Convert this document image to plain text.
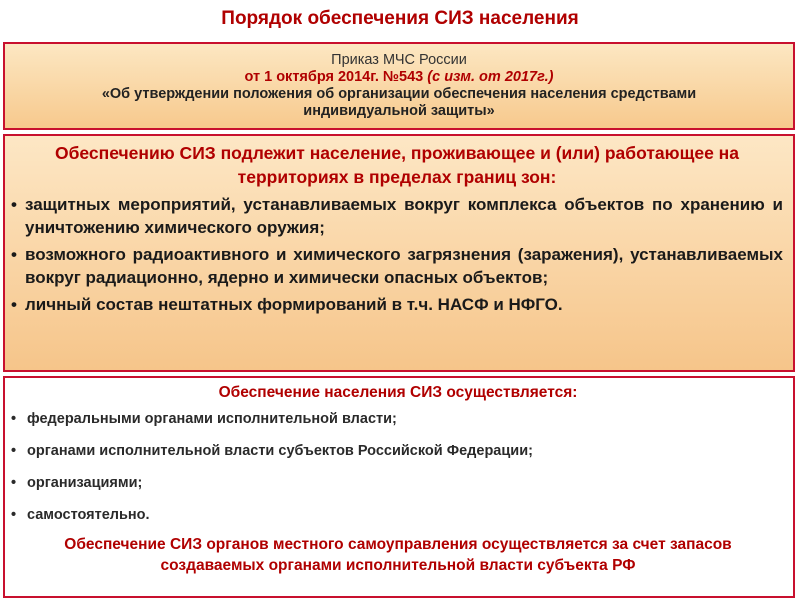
Порядок обеспечения СИЗ населения
Приказ МЧС России
от 1 октября 2014г. №543 (с изм. от 2017г.)
«Об утверждении положения об организации обеспечения населения средствами
индивидуальной защиты»
Обеспечению СИЗ подлежит население, проживающее и (или) работающее на территориях в пределах границ зон:
• защитных мероприятий, устанавливаемых вокруг комплекса объектов по хранению и уничтожению химического оружия;
• возможного радиоактивного и химического загрязнения (заражения), устанавливаемых вокруг радиационно, ядерно и химически опасных объектов;
• личный состав нештатных формирований в т.ч. НАСФ и НФГО.
Обеспечение населения СИЗ осуществляется:
• федеральными органами исполнительной власти;
• органами исполнительной власти субъектов Российской Федерации;
• организациями;
• самостоятельно.
Обеспечение СИЗ органов местного самоуправления осуществляется за счет запасов создаваемых органами исполнительной власти субъекта РФ
